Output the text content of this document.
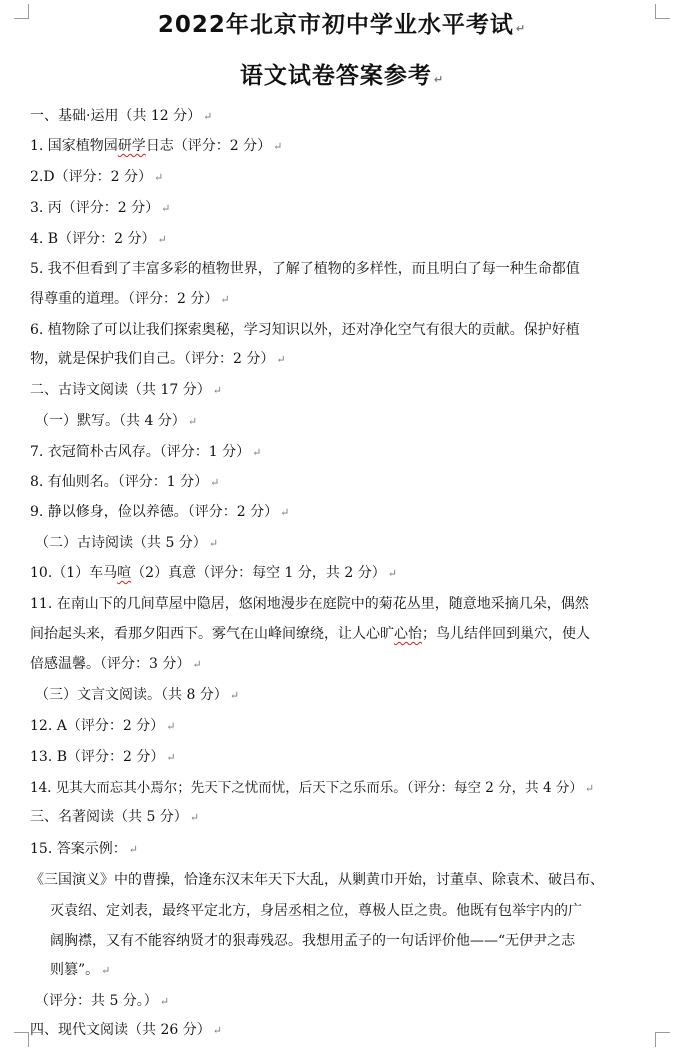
2022年北京市初中学业水平考试 ↵
语文试卷答案参考 ↵
一、基础·运用（共 12 分） ↵
1. 国家植物园研学日志（评分：2 分） ↵
2.D（评分：2 分） ↵
3. 丙（评分：2 分） ↵
4. B（评分：2 分） ↵
5. 我不但看到了丰富多彩的植物世界，了解了植物的多样性，而且明白了每一种生命都值
得尊重的道理。（评分：2 分） ↵
6. 植物除了可以让我们探索奥秘，学习知识以外，还对净化空气有很大的贡献。保护好植
物，就是保护我们自己。（评分：2 分） ↵
二、古诗文阅读（共 17 分） ↵
（一）默写。（共 4 分） ↵
7. 衣冠简朴古风存。（评分：1 分） ↵
8. 有仙则名。（评分：1 分） ↵
9. 静以修身，俭以养德。（评分：2 分） ↵
（二）古诗阅读（共 5 分） ↵
10.（1）车马喧（2）真意（评分：每空 1 分，共 2 分） ↵
11. 在南山下的几间草屋中隐居，悠闲地漫步在庭院中的菊花丛里，随意地采摘几朵，偶然
间抬起头来，看那夕阳西下。雾气在山峰间缭绕，让人心旷心怡；鸟儿结伴回到巢穴，使人
倍感温馨。（评分：3 分） ↵
（三）文言文阅读。（共 8 分） ↵
12. A（评分：2 分） ↵
13. B（评分：2 分） ↵
14. 见其大而忘其小焉尔；先天下之忧而忧，后天下之乐而乐。（评分：每空 2 分，共 4 分） ↵
三、名著阅读（共 5 分） ↵
15. 答案示例： ↵
《三国演义》中的曹操，恰逢东汉末年天下大乱，从剿黄巾开始，讨董卓、除袁术、破吕布、
灭袁绍、定刘表，最终平定北方，身居丞相之位，尊极人臣之贵。他既有包举宇内的广
阔胸襟，又有不能容纳贤才的狠毒残忍。我想用孟子的一句话评价他——“无伊尹之志
则篡”。 ↵
（评分：共 5 分。） ↵
四、现代文阅读（共 26 分） ↵
